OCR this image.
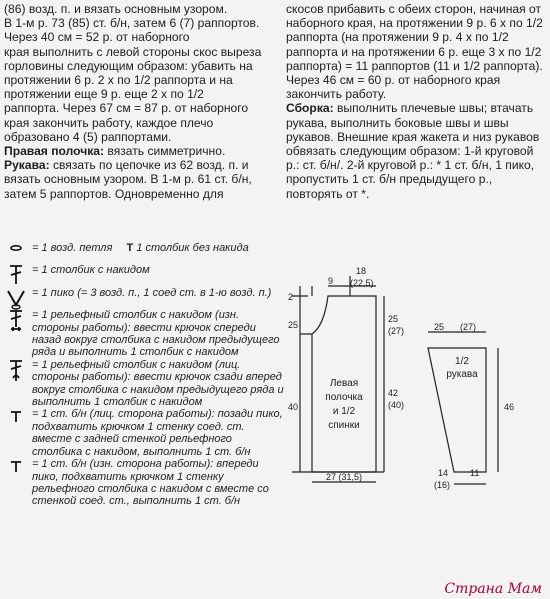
(86) возд. п. и вязать основным узором.

В 1-м р. 73 (85) ст. б/н, затем 6 (7) раппортов. Через 40 см = 52 р. от наборного

края выполнить с левой стороны скос выреза горловины следующим образом: убавить на протяжении 6 р. 2 х по 1/2 раппорта и на протяжении еще 9 р. еще 2 х по 1/2

раппорта. Через 67 см = 87 р. от наборного края закончить работу, каждое плечо образовано 4 (5) раппортами.

Правая полочка: вязать симметрично.

Рукава: связать по цепочке из 62 возд. п. и вязать основным узором. В 1-м р. 61 ст. б/н, затем 5 раппортов. Одновременно для

скосов прибавить с обеих сторон, начиная от наборного края, на протяжении 9 р. 6 х по 1/2 раппорта (на протяжении 9 р. 4 х по 1/2 раппорта и на протяжении 6 р. еще 3 х по 1/2 раппорта) = 11 раппортов (11 и 1/2 раппорта). Через 46 см = 60 р. от наборного края закончить работу.

Сборка: выполнить плечевые швы; втачать рукава, выполнить боковые швы и швы рукавов. Внешние края жакета и низ рукавов обвязать следующим образом: 1-й круговой р.: ст. б/н/. 2-й круговой р.: * 1 ст. б/н, 1 пико, пропустить 1 ст. б/н предыдущего р., повторять от *.

= 1 возд. петля T 1 столбик без накида
= 1 столбик с накидом
= 1 пико (= 3 возд. п., 1 соед ст. в 1-ю возд. п.)
= 1 рельефный столбик с накидом (изн. стороны работы): ввести крючок спереди назад вокруг столбика с накидом предыдущего ряда и выполнить 1 столбик с накидом
= 1 рельефный столбик с накидом (лиц. стороны работы): ввести крючок сзади вперед вокруг столбика с накидом предыдущего ряда и выполнить 1 столбик с накидом
= 1 ст. б/н (лиц. сторона работы): позади пико, подхватить крючком 1 стенку соед. ст. вместе с задней стенкой рельефного столбика с накидом, выполнить 1 ст. б/н
= 1 ст. б/н (изн. сторона работы): впереди пико, подхватить крючком 1 стенку рельефного столбика с накидом с вместе со стенкой соед. ст., выполнить 1 ст. б/н
Левая
полочка
и 1/2
спинки
1/2
рукава
9
18
(22,5)
2
25
40
25
(27)
42
(40)
27 (31,5)
25 (27)
46
14
(16)
11
Страна Мам
